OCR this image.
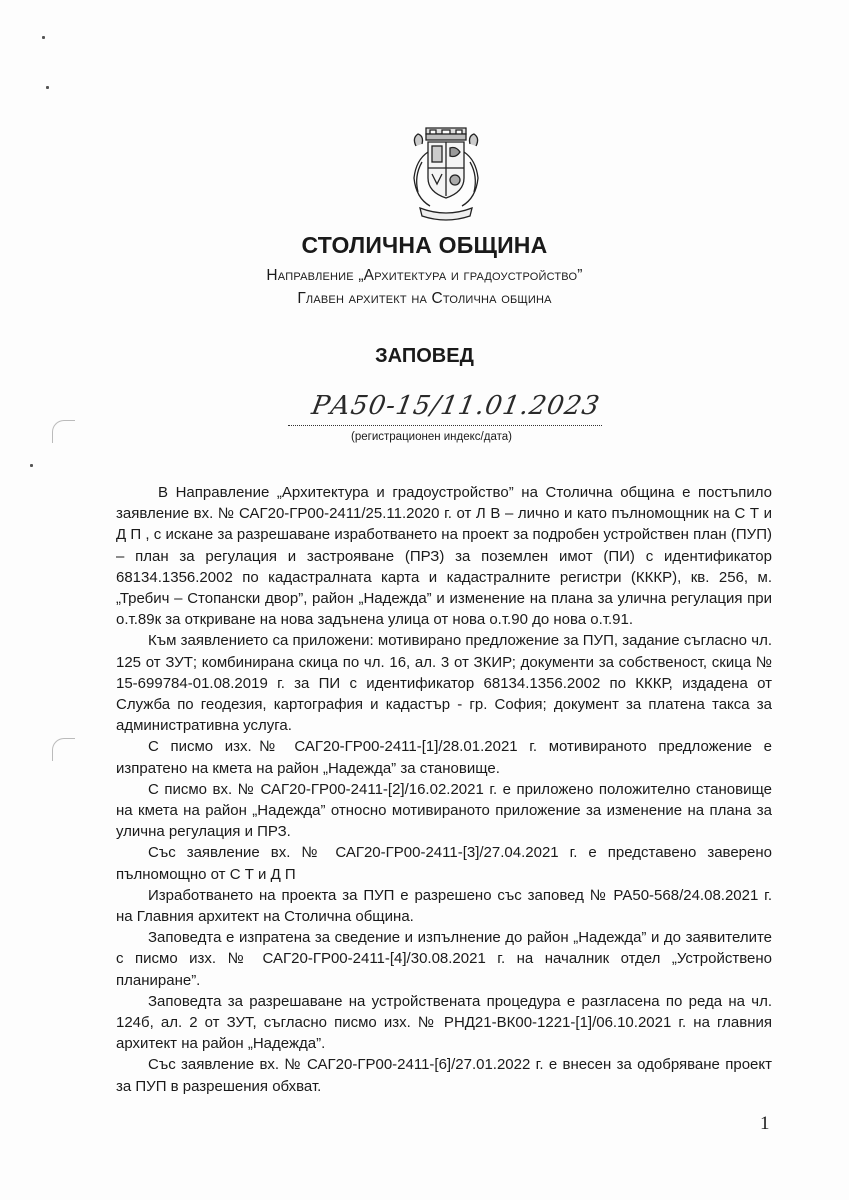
СТОЛИЧНА ОБЩИНА
Направление „Архитектура и градоустройство”
Главен архитект на Столична община
ЗАПОВЕД
РА50-15/11.01.2023
(регистрационен индекс/дата)

В Направление „Архитектура и градоустройство” на Столична община е постъпило заявление вх. № САГ20-ГР00-2411/25.11.2020 г. от Л В – лично и като пълномощник на С Т и Д П , с искане за разрешаване изработването на проект за подробен устройствен план (ПУП) – план за регулация и застрояване (ПРЗ) за поземлен имот (ПИ) с идентификатор 68134.1356.2002 по кадастралната карта и кадастралните регистри (КККР), кв. 256, м. „Требич – Стопански двор”, район „Надежда” и изменение на плана за улична регулация при о.т.89к за откриване на нова задънена улица от нова о.т.90 до нова о.т.91.

Към заявлението са приложени: мотивирано предложение за ПУП, задание съгласно чл. 125 от ЗУТ; комбинирана скица по чл. 16, ал. 3 от ЗКИР; документи за собственост, скица № 15-699784-01.08.2019 г. за ПИ с идентификатор 68134.1356.2002 по КККР, издадена от Служба по геодезия, картография и кадастър - гр. София; документ за платена такса за административна услуга.

С писмо изх.№ САГ20-ГР00-2411-[1]/28.01.2021 г. мотивираното предложение е изпратено на кмета на район „Надежда” за становище.

С писмо вх. № САГ20-ГР00-2411-[2]/16.02.2021 г. е приложено положително становище на кмета на район „Надежда” относно мотивираното приложение за изменение на плана за улична регулация и ПРЗ.

Със заявление вх. № САГ20-ГР00-2411-[3]/27.04.2021 г. е представено заверено пълномощно от С Т и Д П

Изработването на проекта за ПУП е разрешено със заповед № РА50-568/24.08.2021 г. на Главния архитект на Столична община.

Заповедта е изпратена за сведение и изпълнение до район „Надежда” и до заявителите с писмо изх. № САГ20-ГР00-2411-[4]/30.08.2021 г. на началник отдел „Устройствено планиране”.

Заповедта за разрешаване на устройствената процедура е разгласена по реда на чл. 124б, ал. 2 от ЗУТ, съгласно писмо изх. № РНД21-ВК00-1221-[1]/06.10.2021 г. на главния архитект на район „Надежда”.

Със заявление вх. № САГ20-ГР00-2411-[6]/27.01.2022 г. е внесен за одобряване проект за ПУП в разрешения обхват.

1
